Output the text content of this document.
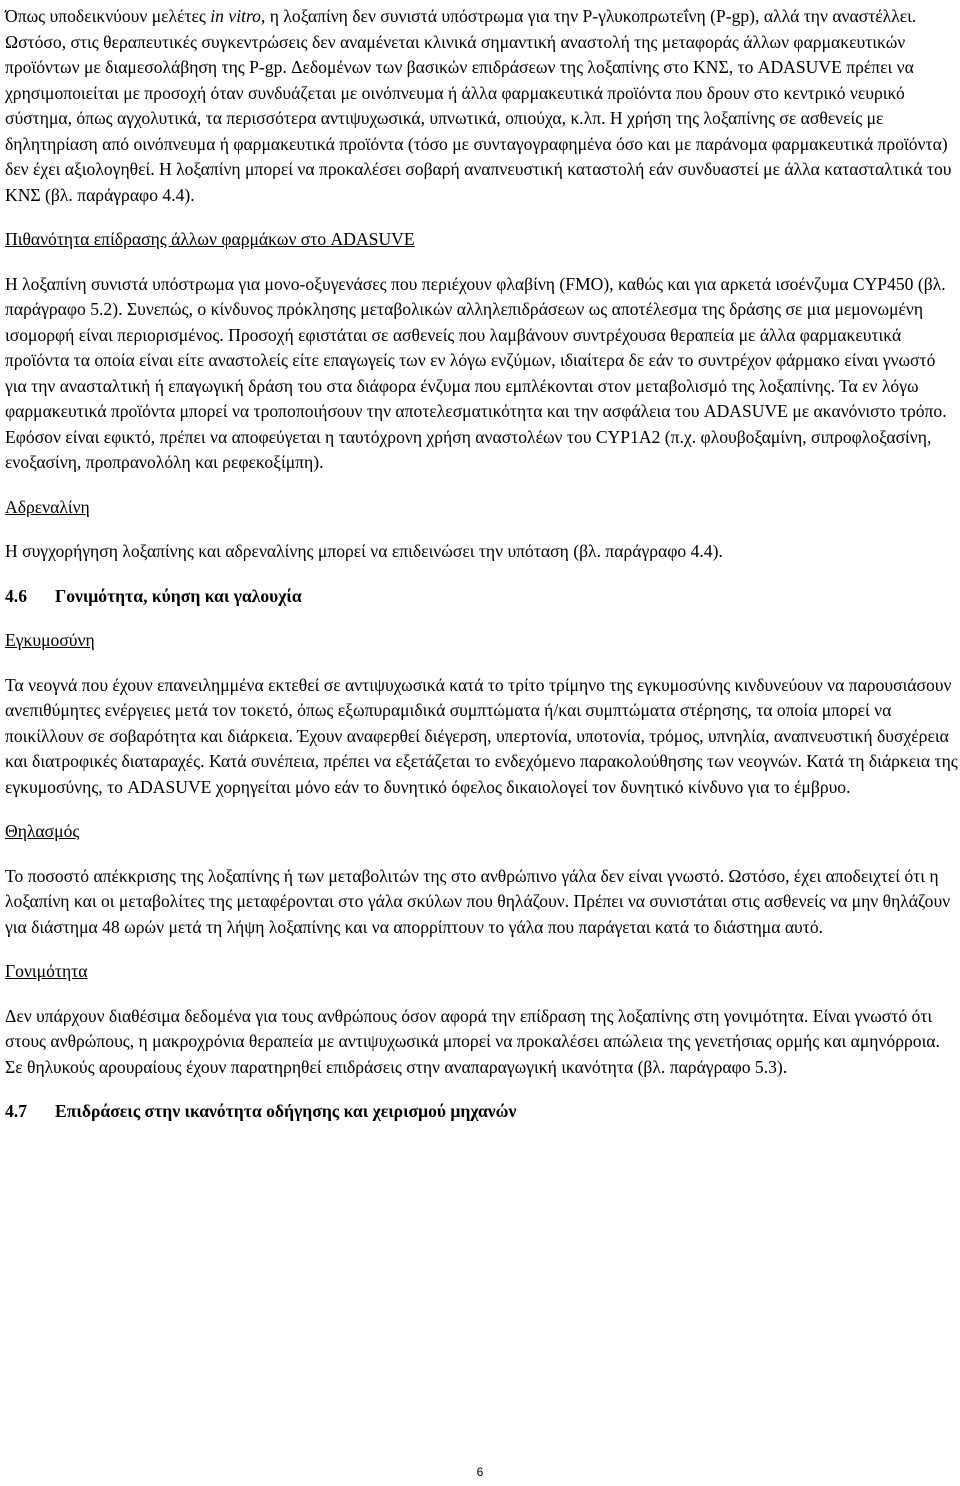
Όπως υποδεικνύουν μελέτες in vitro, η λοξαπίνη δεν συνιστά υπόστρωμα για την P-γλυκοπρωτεΐνη (P-gp), αλλά την αναστέλλει. Ωστόσο, στις θεραπευτικές συγκεντρώσεις δεν αναμένεται κλινικά σημαντική αναστολή της μεταφοράς άλλων φαρμακευτικών προϊόντων με διαμεσολάβηση της P-gp. Δεδομένων των βασικών επιδράσεων της λοξαπίνης στο ΚΝΣ, το ADASUVE πρέπει να χρησιμοποιείται με προσοχή όταν συνδυάζεται με οινόπνευμα ή άλλα φαρμακευτικά προϊόντα που δρουν στο κεντρικό νευρικό σύστημα, όπως αγχολυτικά, τα περισσότερα αντιψυχωσικά, υπνωτικά, οπιούχα, κ.λπ. Η χρήση της λοξαπίνης σε ασθενείς με δηλητηρίαση από οινόπνευμα ή φαρμακευτικά προϊόντα (τόσο με συνταγογραφημένα όσο και με παράνομα φαρμακευτικά προϊόντα) δεν έχει αξιολογηθεί. Η λοξαπίνη μπορεί να προκαλέσει σοβαρή αναπνευστική καταστολή εάν συνδυαστεί με άλλα κατασταλτικά του ΚΝΣ (βλ. παράγραφο 4.4).

Πιθανότητα επίδρασης άλλων φαρμάκων στο ADASUVE

Η λοξαπίνη συνιστά υπόστρωμα για μονο-οξυγενάσες που περιέχουν φλαβίνη (FMO), καθώς και για αρκετά ισοένζυμα CYP450 (βλ. παράγραφο 5.2). Συνεπώς, ο κίνδυνος πρόκλησης μεταβολικών αλληλεπιδράσεων ως αποτέλεσμα της δράσης σε μια μεμονωμένη ισομορφή είναι περιορισμένος. Προσοχή εφιστάται σε ασθενείς που λαμβάνουν συντρέχουσα θεραπεία με άλλα φαρμακευτικά προϊόντα τα οποία είναι είτε αναστολείς είτε επαγωγείς των εν λόγω ενζύμων, ιδιαίτερα δε εάν το συντρέχον φάρμακο είναι γνωστό για την ανασταλτική ή επαγωγική δράση του στα διάφορα ένζυμα που εμπλέκονται στον μεταβολισμό της λοξαπίνης. Τα εν λόγω φαρμακευτικά προϊόντα μπορεί να τροποποιήσουν την αποτελεσματικότητα και την ασφάλεια του ADASUVE με ακανόνιστο τρόπο. Εφόσον είναι εφικτό, πρέπει να αποφεύγεται η ταυτόχρονη χρήση αναστολέων του CYP1A2 (π.χ. φλουβοξαμίνη, σιπροφλοξασίνη, ενοξασίνη, προπρανολόλη και ρεφεκοξίμπη).

Αδρεναλίνη

Η συγχορήγηση λοξαπίνης και αδρεναλίνης μπορεί να επιδεινώσει την υπόταση (βλ. παράγραφο 4.4).

4.6 Γονιμότητα, κύηση και γαλουχία

Εγκυμοσύνη

Τα νεογνά που έχουν επανειλημμένα εκτεθεί σε αντιψυχωσικά κατά το τρίτο τρίμηνο της εγκυμοσύνης κινδυνεύουν να παρουσιάσουν ανεπιθύμητες ενέργειες μετά τον τοκετό, όπως εξωπυραμιδικά συμπτώματα ή/και συμπτώματα στέρησης, τα οποία μπορεί να ποικίλλουν σε σοβαρότητα και διάρκεια. Έχουν αναφερθεί διέγερση, υπερτονία, υποτονία, τρόμος, υπνηλία, αναπνευστική δυσχέρεια και διατροφικές διαταραχές. Κατά συνέπεια, πρέπει να εξετάζεται το ενδεχόμενο παρακολούθησης των νεογνών. Κατά τη διάρκεια της εγκυμοσύνης, το ADASUVE χορηγείται μόνο εάν το δυνητικό όφελος δικαιολογεί τον δυνητικό κίνδυνο για το έμβρυο.

Θηλασμός

Το ποσοστό απέκκρισης της λοξαπίνης ή των μεταβολιτών της στο ανθρώπινο γάλα δεν είναι γνωστό. Ωστόσο, έχει αποδειχτεί ότι η λοξαπίνη και οι μεταβολίτες της μεταφέρονται στο γάλα σκύλων που θηλάζουν. Πρέπει να συνιστάται στις ασθενείς να μην θηλάζουν για διάστημα 48 ωρών μετά τη λήψη λοξαπίνης και να απορρίπτουν το γάλα που παράγεται κατά το διάστημα αυτό.

Γονιμότητα

Δεν υπάρχουν διαθέσιμα δεδομένα για τους ανθρώπους όσον αφορά την επίδραση της λοξαπίνης στη γονιμότητα. Είναι γνωστό ότι στους ανθρώπους, η μακροχρόνια θεραπεία με αντιψυχωσικά μπορεί να προκαλέσει απώλεια της γενετήσιας ορμής και αμηνόρροια. Σε θηλυκούς αρουραίους έχουν παρατηρηθεί επιδράσεις στην αναπαραγωγική ικανότητα (βλ. παράγραφο 5.3).

4.7 Επιδράσεις στην ικανότητα οδήγησης και χειρισμού μηχανών

6
